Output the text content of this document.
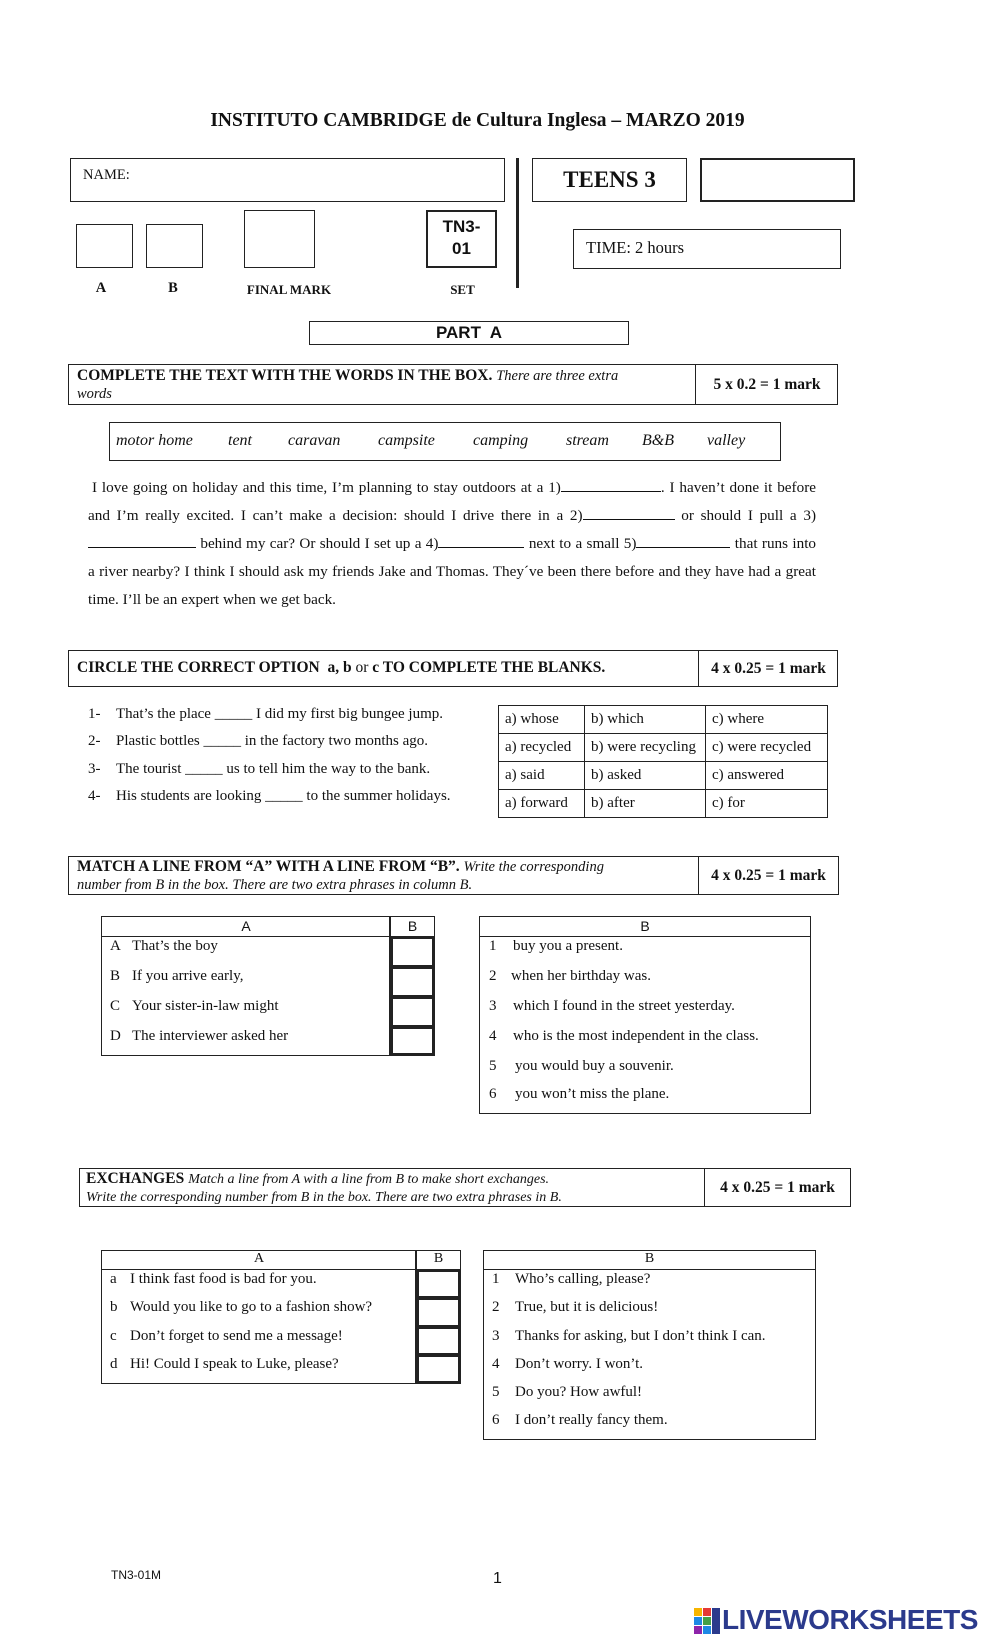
INSTITUTO CAMBRIDGE de Cultura Inglesa – MARZO 2019
NAME:	TEENS 3
TN3-
01	TIME: 2 hours
A	B	FINAL MARK	SET
PART  A
COMPLETE THE TEXT WITH THE WORDS IN THE BOX. There are three extra
words
5 x 0.2 = 1 mark
motor home tent caravan campsite camping stream B&B valley
I love going on holiday and this time, I’m planning to stay outdoors at a 1)	. I haven’t done it before and I’m really excited. I can’t make a decision: should I drive there in a 2)	or should I pull a 3) behind my car? Or should I set up a 4)	next to a small 5)	that runs into a river nearby? I think I should ask my friends Jake and Thomas. They´ve been there before and they have had a great time. I’ll be an expert when we get back.
CIRCLE THE CORRECT OPTION a, b or c TO COMPLETE THE BLANKS.	4 x 0.25 = 1 mark
1- That’s the place _____ I did my first big bungee jump.
2- Plastic bottles _____ in the factory two months ago.
3- The tourist _____ us to tell him the way to the bank.
4- His students are looking _____ to the summer holidays.
a) whose	b) which	c) where
a) recycled	b) were recycling	c) were recycled
a) said	b) asked	c) answered
a) forward	b) after	c) for
MATCH A LINE FROM “A” WITH A LINE FROM “B”. Write the corresponding
number from B in the box. There are two extra phrases in column B.
4 x 0.25 = 1 mark
A	B
A That’s the boy
B If you arrive early,
C Your sister-in-law might
D The interviewer asked her
B
1 buy you a present.
2 when her birthday was.
3 which I found in the street yesterday.
4 who is the most independent in the class.
5 you would buy a souvenir.
6 you won’t miss the plane.
EXCHANGES Match a line from A with a line from B to make short exchanges.
Write the corresponding number from B in the box. There are two extra phrases in B.
4 x 0.25 = 1 mark
A	B
a I think fast food is bad for you.
b Would you like to go to a fashion show?
c Don’t forget to send me a message!
d Hi! Could I speak to Luke, please?
B
1 Who’s calling, please?
2 True, but it is delicious!
3 Thanks for asking, but I don’t think I can.
4 Don’t worry. I won’t.
5 Do you? How awful!
6 I don’t really fancy them.
TN3-01M	1
LIVEWORKSHEETS
